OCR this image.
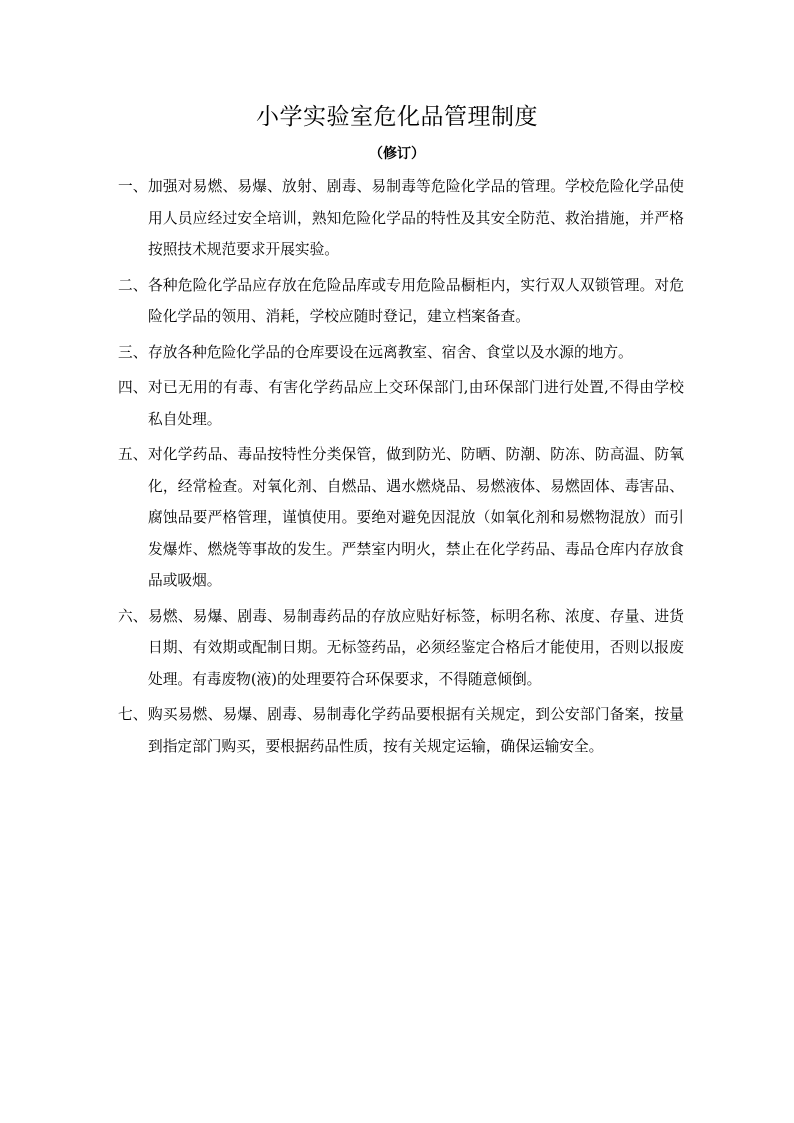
小学实验室危化品管理制度
（修订）
一、 加强对易燃、易爆、放射、剧毒、易制毒等危险化学品的管理。学校危险化学品使用人员应经过安全培训，熟知危险化学品的特性及其安全防范、救治措施，并严格按照技术规范要求开展实验。
二、 各种危险化学品应存放在危险品库或专用危险品橱柜内，实行双人双锁管理。对危险化学品的领用、消耗，学校应随时登记，建立档案备查。
三、 存放各种危险化学品的仓库要设在远离教室、宿舍、食堂以及水源的地方。
四、 对已无用的有毒、有害化学药品应上交环保部门,由环保部门进行处置,不得由学校私自处理。
五、 对化学药品、毒品按特性分类保管，做到防光、防晒、防潮、防冻、防高温、防氧化，经常检查。对氧化剂、自燃品、遇水燃烧品、易燃液体、易燃固体、毒害品、腐蚀品要严格管理，谨慎使用。要绝对避免因混放（如氧化剂和易燃物混放）而引发爆炸、燃烧等事故的发生。严禁室内明火，禁止在化学药品、毒品仓库内存放食品或吸烟。
六、 易燃、易爆、剧毒、易制毒药品的存放应贴好标签，标明名称、浓度、存量、进货日期、有效期或配制日期。无标签药品，必须经鉴定合格后才能使用，否则以报废处理。有毒废物(液)的处理要符合环保要求，不得随意倾倒。
七、 购买易燃、易爆、剧毒、易制毒化学药品要根据有关规定，到公安部门备案，按量到指定部门购买，要根据药品性质，按有关规定运输，确保运输安全。
